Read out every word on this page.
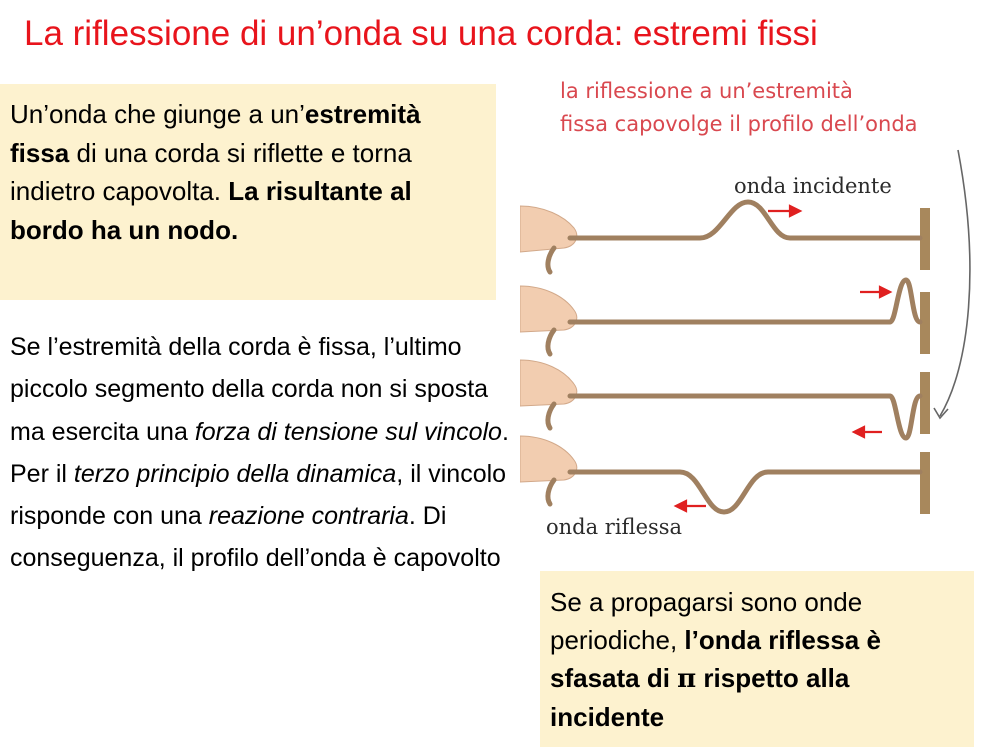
La riflessione di un’onda su una corda: estremi fissi
Un’onda che giunge a un’estremità fissa di una corda si riflette e torna indietro capovolta. La risultante al bordo ha un nodo.
Se l’estremità della corda è fissa, l’ultimo piccolo segmento della corda non si sposta ma esercita una forza di tensione sul vincolo. Per il terzo principio della dinamica, il vincolo risponde con una reazione contraria. Di conseguenza, il profilo dell’onda è capovolto
la riflessione a un’estremità
fissa capovolge il profilo dell’onda
onda incidente
onda riflessa
Se a propagarsi sono onde periodiche, l’onda riflessa è sfasata di π rispetto alla incidente
